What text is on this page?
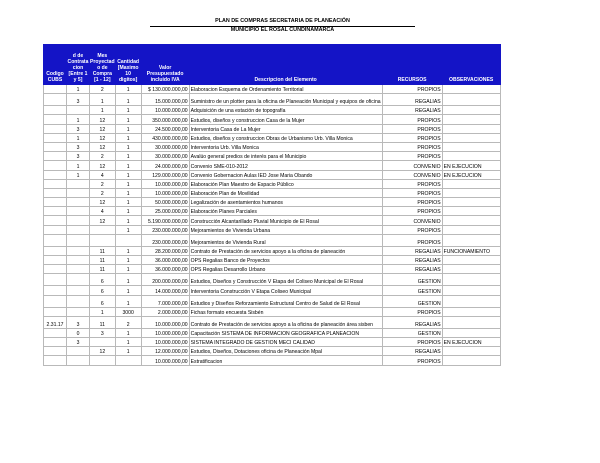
PLAN DE COMPRAS SECRETARIA DE PLANEACIÓN
MUNICIPIO EL ROSAL CUNDINAMARCA
Codigo CUBS	d de Contrata cion [Entre 1 y 5]	Mes Proyectad o de Compra [1 - 12]	Cantidad [Maximo 10 digitos]	Valor Presupuestado incluido IVA	Descripcion del Elemento	RECURSOS	OBSERVACIONES
	1	2	1	$ 130.000.000,00	Elaboracion Esquema de Ordenamiento Territorial	PROPIOS	
	3	1	1	15.000.000,00	Suministro de un plotter para la oficina de Planeación Municipal y equipos de oficina	REGALIAS	
		1	1	10.000.000,00	Adquisición de una estación de topografía	REGALIAS	
	1	12	1	350.000.000,00	Estudios, diseños y construccion Casa de la Mujer	PROPIOS	
	3	12	1	24.500.000,00	Interventoria Casa de La Mujer	PROPIOS	
	1	12	1	430.000.000,00	Estudios, diseños y construccion Obras de Urbanismo Urb. Villa Monica	PROPIOS	
	3	12	1	30.000.000,00	Interventoria Urb. Villa Monica	PROPIOS	
	3	2	1	30.000.000,00	Avalúo general predios de interés para el Municipio	PROPIOS	
	1	12	1	24.000.000,00	Convenio SME-010-2012	CONVENIO	EN EJECUCION
	1	4	1	129.000.000,00	Convenio Gobernacion Aulas IED Jose Maria Obando	CONVENIO	EN EJECUCION
		2	1	10.000.000,00	Elaboración Plan Maestro de Espacio Público	PROPIOS	
		2	1	10.000.000,00	Elaboración Plan de Movilidad	PROPIOS	
		12	1	50.000.000,00	Legalización de asentamientos humanos	PROPIOS	
		4	1	25.000.000,00	Elaboración Planes Parciales	PROPIOS	
		12	1	5.190.000.000,00	Construcción Alcantarillado Pluvial Municipio de El Rosal	CONVENIO	
			1	230.000.000,00	Mejoramientos de Vivienda Urbana	PROPIOS	
				230.000.000,00	Mejoramientos de Vivienda Rural	PROPIOS	
		11	1	28.200.000,00	Contrato de Prestación de servicios apoyo a la oficina de planeación	REGALIAS	FUNCIONAMIENTO
		11	1	36.000.000,00	OPS Regalias Banco de Proyectos	REGALIAS	
		11	1	36.000.000,00	OPS Regalias Desarrollo Urbano	REGALIAS	
		6	1	200.000.000,00	Estudios, Diseños y Construcción V Etapa del Coliseo Municipal de El Rosal	GESTION	
		6	1	14.000.000,00	Interventoria Construcción V Etapa Coliseo Municipal	GESTION	
		6	1	7.000.000,00	Estudios y Diseños Reforzamiento Estructural Centro de Salud de El Rosal	GESTION	
		1	3000	2.000.000,00	Fichas formato encuesta Sisbén	PROPIOS	
2.31.17	3	11	2	10.000.000,00	Contrato de Prestación de servicios apoyo a la oficina de planeación área sisben	REGALIAS	
	0	3	1	10.000.000,00	Capacitación SISTEMA DE INFORMACION GEOGRAFICA PLANEACION	GESTION	
	3		1	10.000.000,00	SISTEMA INTEGRADO DE GESTION MECI CALIDAD	PROPIOS	EN EJECUCION
		12	1	12.000.000,00	Estudios, Diseños, Dotaciones oficina de Planeación Mpal	REGALIAS	
				10.000.000,00	Estratificacion	PROPIOS	
